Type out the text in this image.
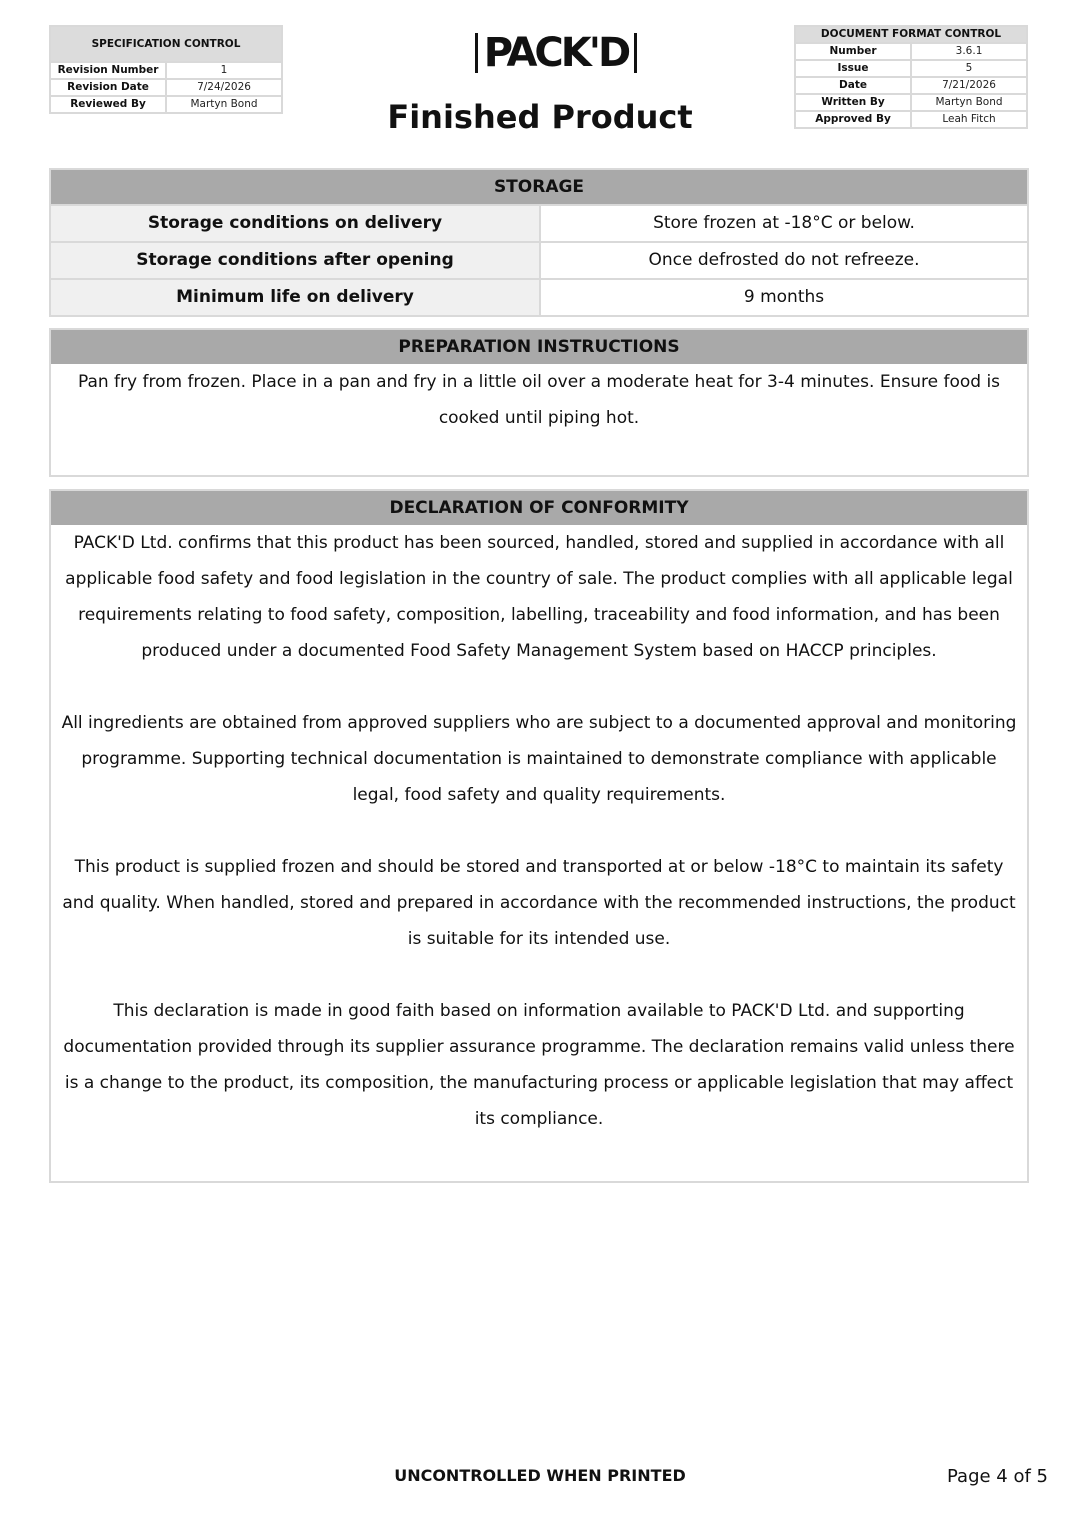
SPECIFICATION CONTROL	
Revision Number	1
Revision Date	7/24/2026
Reviewed By	Martyn Bond
PACK'D
Finished Product
DOCUMENT FORMAT CONTROL	
Number	3.6.1
Issue	5
Date	7/21/2026
Written By	Martyn Bond
Approved By	Leah Fitch
STORAGE
Storage conditions on delivery	Store frozen at -18°C or below.
Storage conditions after opening	Once defrosted do not refreeze.
Minimum life on delivery	9 months
PREPARATION INSTRUCTIONS
Pan fry from frozen. Place in a pan and fry in a little oil over a moderate heat for 3-4 minutes. Ensure food is cooked until piping hot.
DECLARATION OF CONFORMITY

PACK'D Ltd. confirms that this product has been sourced, handled, stored and supplied in accordance with all applicable food safety and food legislation in the country of sale. The product complies with all applicable legal requirements relating to food safety, composition, labelling, traceability and food information, and has been produced under a documented Food Safety Management System based on HACCP principles.

All ingredients are obtained from approved suppliers who are subject to a documented approval and monitoring programme. Supporting technical documentation is maintained to demonstrate compliance with applicable legal, food safety and quality requirements.

This product is supplied frozen and should be stored and transported at or below -18°C to maintain its safety and quality. When handled, stored and prepared in accordance with the recommended instructions, the product is suitable for its intended use.

This declaration is made in good faith based on information available to PACK'D Ltd. and supporting documentation provided through its supplier assurance programme. The declaration remains valid unless there is a change to the product, its composition, the manufacturing process or applicable legislation that may affect its compliance.

UNCONTROLLED WHEN PRINTED	Page 4 of 5
